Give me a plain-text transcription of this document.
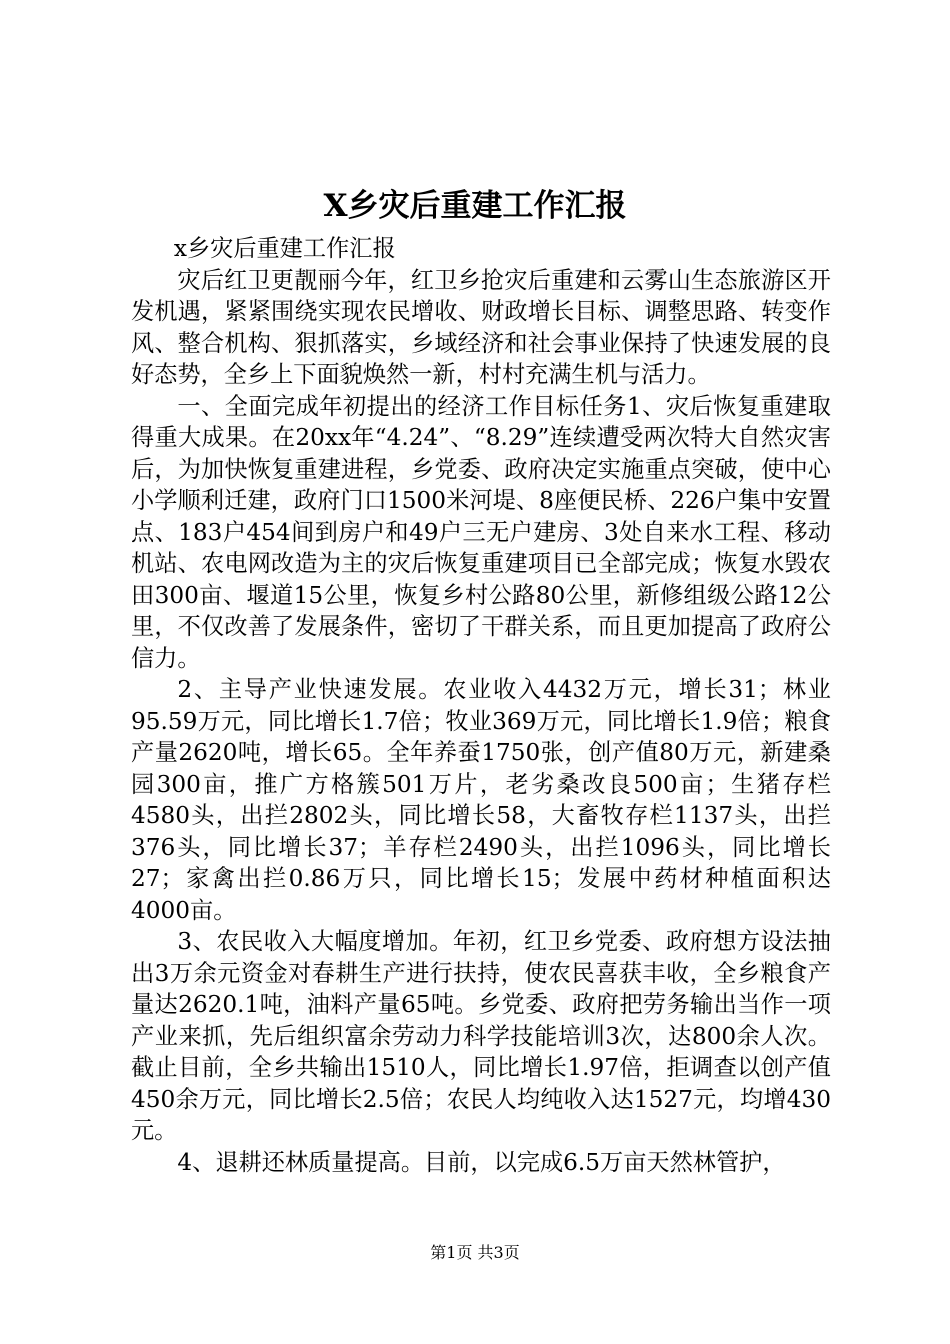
X乡灾后重建工作汇报

x乡灾后重建工作汇报

灾后红卫更靓丽今年，红卫乡抢灾后重建和云雾山生态旅游区开发机遇，紧紧围绕实现农民增收、财政增长目标、调整思路、转变作风、整合机构、狠抓落实，乡域经济和社会事业保持了快速发展的良好态势，全乡上下面貌焕然一新，村村充满生机与活力。

一、全面完成年初提出的经济工作目标任务1、灾后恢复重建取得重大成果。在20xx年“4.24”、“8.29”连续遭受两次特大自然灾害后，为加快恢复重建进程，乡党委、政府决定实施重点突破，使中心小学顺利迁建，政府门口1500米河堤、8座便民桥、226户集中安置点、183户454间到房户和49户三无户建房、3处自来水工程、移动机站、农电网改造为主的灾后恢复重建项目已全部完成；恢复水毁农田300亩、堰道15公里，恢复乡村公路80公里，新修组级公路12公里，不仅改善了发展条件，密切了干群关系，而且更加提高了政府公信力。

2、主导产业快速发展。农业收入4432万元，增长31；林业95.59万元，同比增长1.7倍；牧业369万元，同比增长1.9倍；粮食产量2620吨，增长65。全年养蚕1750张，创产值80万元，新建桑园300亩，推广方格簇501万片，老劣桑改良500亩；生猪存栏4580头，出拦2802头，同比增长58，大畜牧存栏1137头，出拦376头，同比增长37；羊存栏2490头，出拦1096头，同比增长27；家禽出拦0.86万只，同比增长15；发展中药材种植面积达4000亩。

3、农民收入大幅度增加。年初，红卫乡党委、政府想方设法抽出3万余元资金对春耕生产进行扶持，使农民喜获丰收，全乡粮食产量达2620.1吨，油料产量65吨。乡党委、政府把劳务输出当作一项产业来抓，先后组织富余劳动力科学技能培训3次，达800余人次。截止目前，全乡共输出1510人，同比增长1.97倍，拒调查以创产值450余万元，同比增长2.5倍；农民人均纯收入达1527元，均增430元。

4、退耕还林质量提高。目前，以完成6.5万亩天然林管护，

第1页 共3页
